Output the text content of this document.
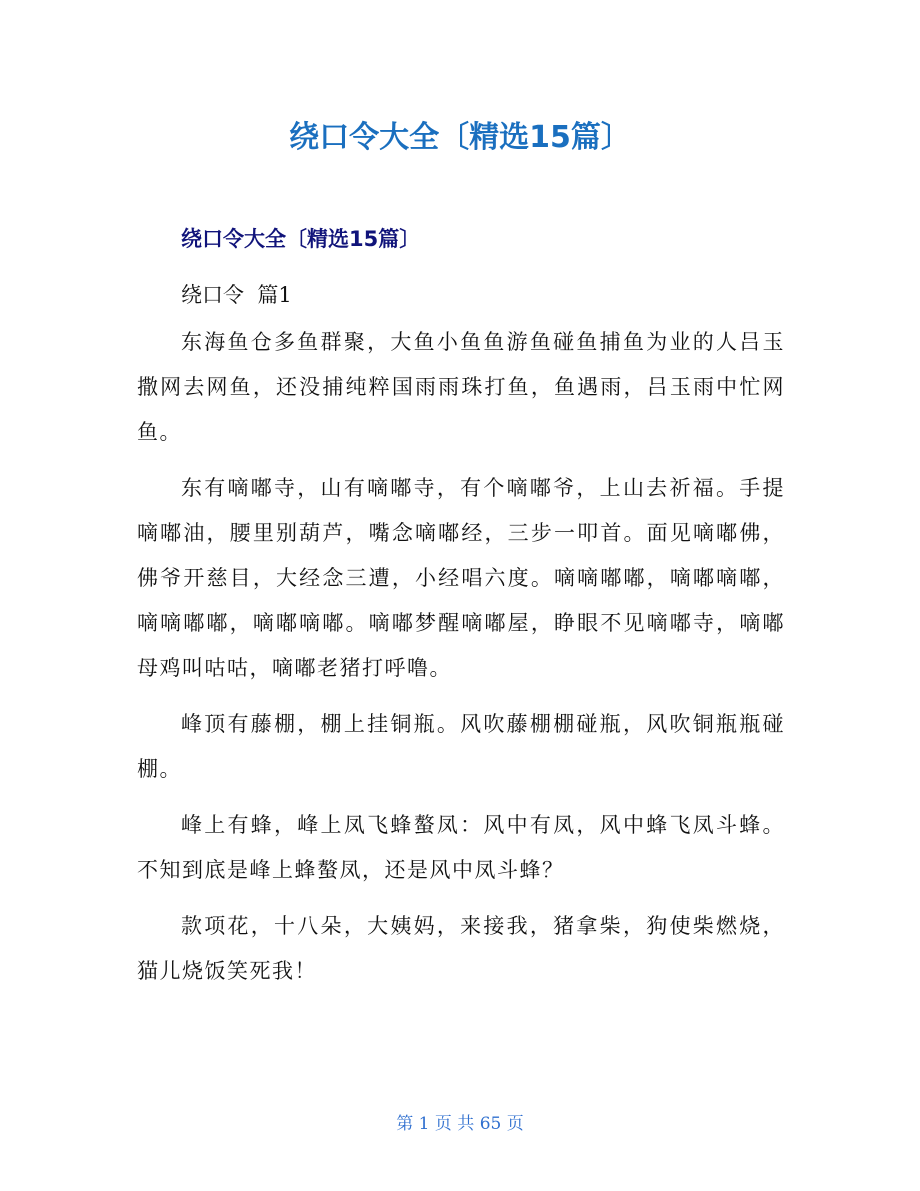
绕口令大全〔精选15篇〕
绕口令大全〔精选15篇〕

绕口令  篇1

东海鱼仓多鱼群聚，大鱼小鱼鱼游鱼碰鱼捕鱼为业的人吕玉撒网去网鱼，还没捕纯粹国雨雨珠打鱼，鱼遇雨，吕玉雨中忙网鱼。

东有嘀嘟寺，山有嘀嘟寺，有个嘀嘟爷，上山去祈福。手提嘀嘟油，腰里别葫芦，嘴念嘀嘟经，三步一叩首。面见嘀嘟佛，佛爷开慈目，大经念三遭，小经唱六度。嘀嘀嘟嘟，嘀嘟嘀嘟，嘀嘀嘟嘟，嘀嘟嘀嘟。嘀嘟梦醒嘀嘟屋，睁眼不见嘀嘟寺，嘀嘟母鸡叫咕咕，嘀嘟老猪打呼噜。

峰顶有藤棚，棚上挂铜瓶。风吹藤棚棚碰瓶，风吹铜瓶瓶碰棚。

峰上有蜂，峰上凤飞蜂螯凤：风中有凤，风中蜂飞凤斗蜂。不知到底是峰上蜂螯凤，还是风中凤斗蜂？

款项花，十八朵，大姨妈，来接我，猪拿柴，狗使柴燃烧，猫儿烧饭笑死我！

第 1 页 共 65 页
